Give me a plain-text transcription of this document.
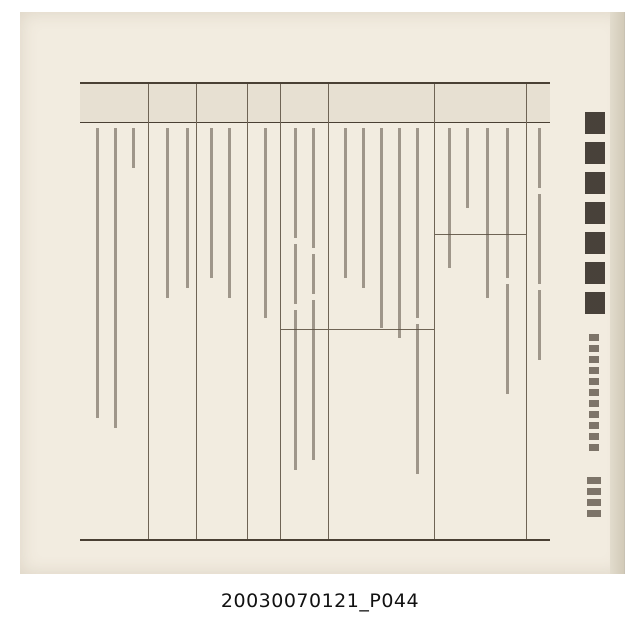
20030070121_P044
